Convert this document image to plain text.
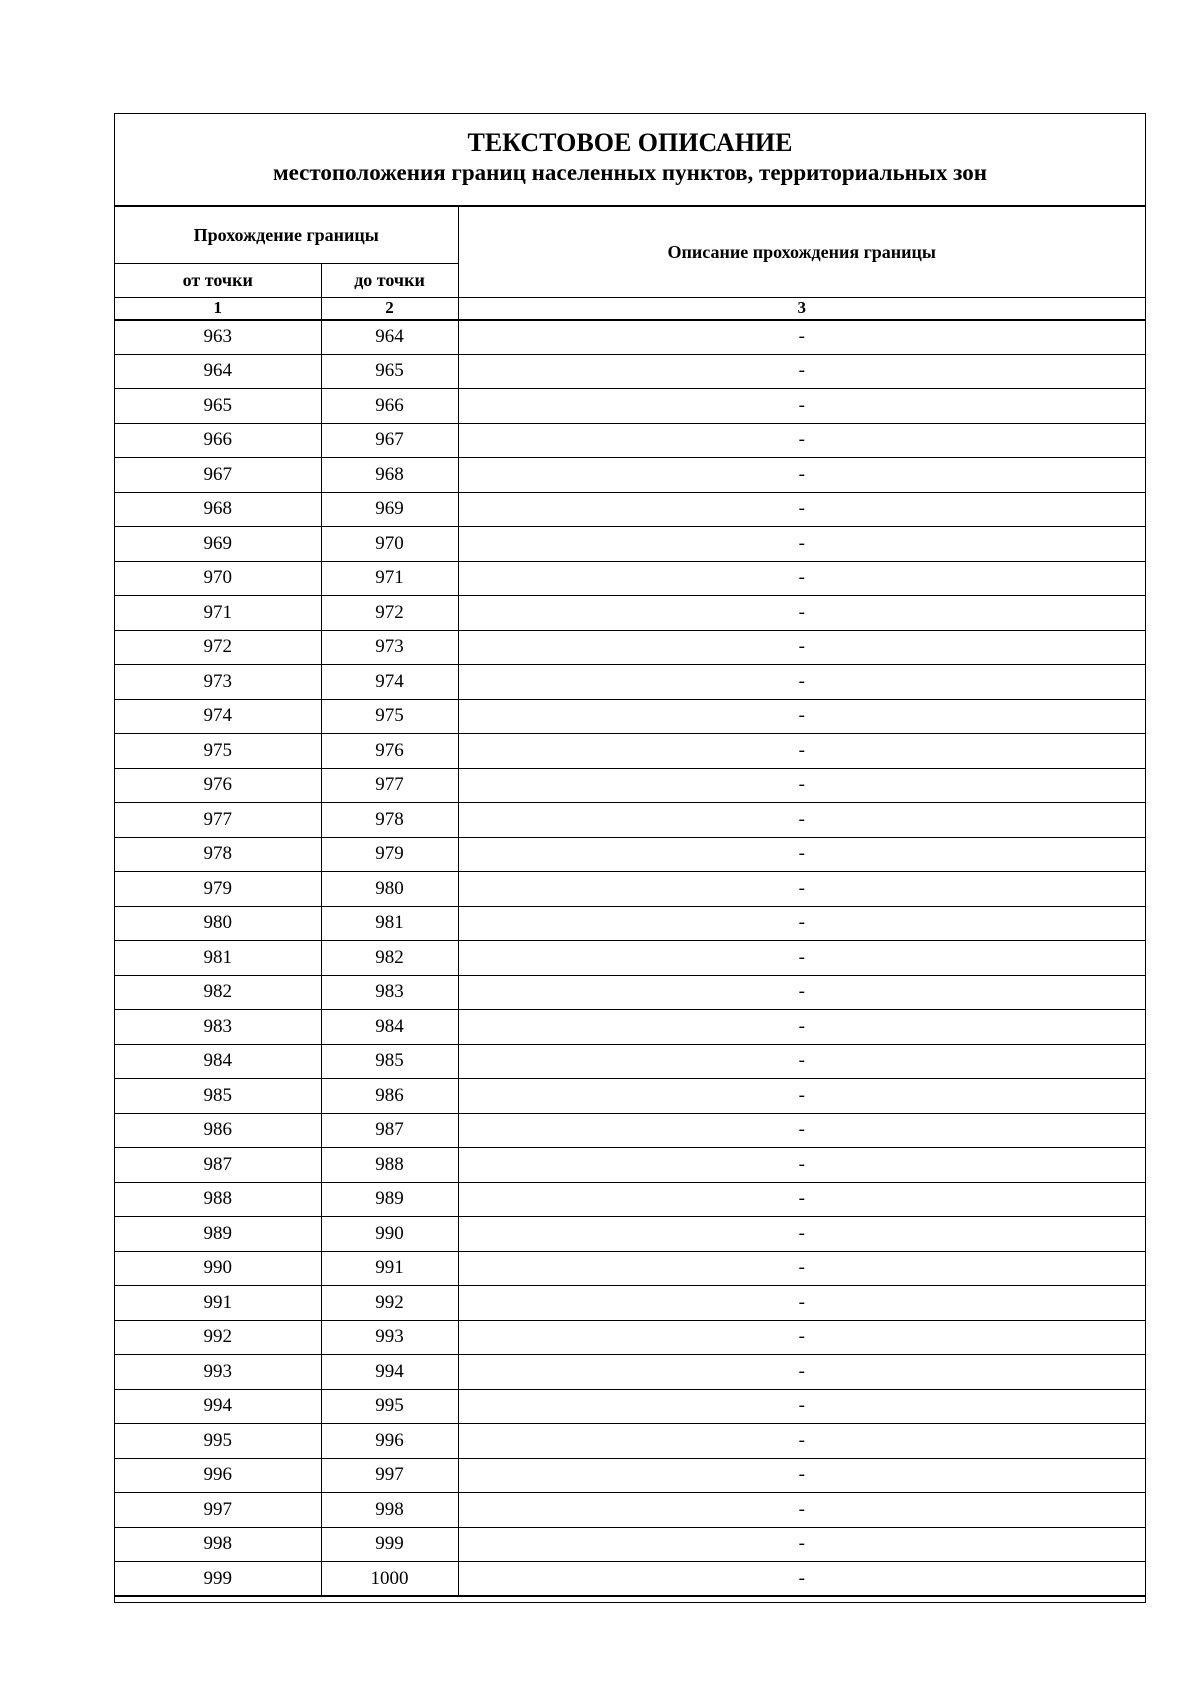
ТЕКСТОВОЕ ОПИСАНИЕ
местоположения границ населенных пунктов, территориальных зон
Прохождение границы		Описание прохождения границы
от точки	до точки	
1	2	3
963	964	-
964	965	-
965	966	-
966	967	-
967	968	-
968	969	-
969	970	-
970	971	-
971	972	-
972	973	-
973	974	-
974	975	-
975	976	-
976	977	-
977	978	-
978	979	-
979	980	-
980	981	-
981	982	-
982	983	-
983	984	-
984	985	-
985	986	-
986	987	-
987	988	-
988	989	-
989	990	-
990	991	-
991	992	-
992	993	-
993	994	-
994	995	-
995	996	-
996	997	-
997	998	-
998	999	-
999	1000	-
